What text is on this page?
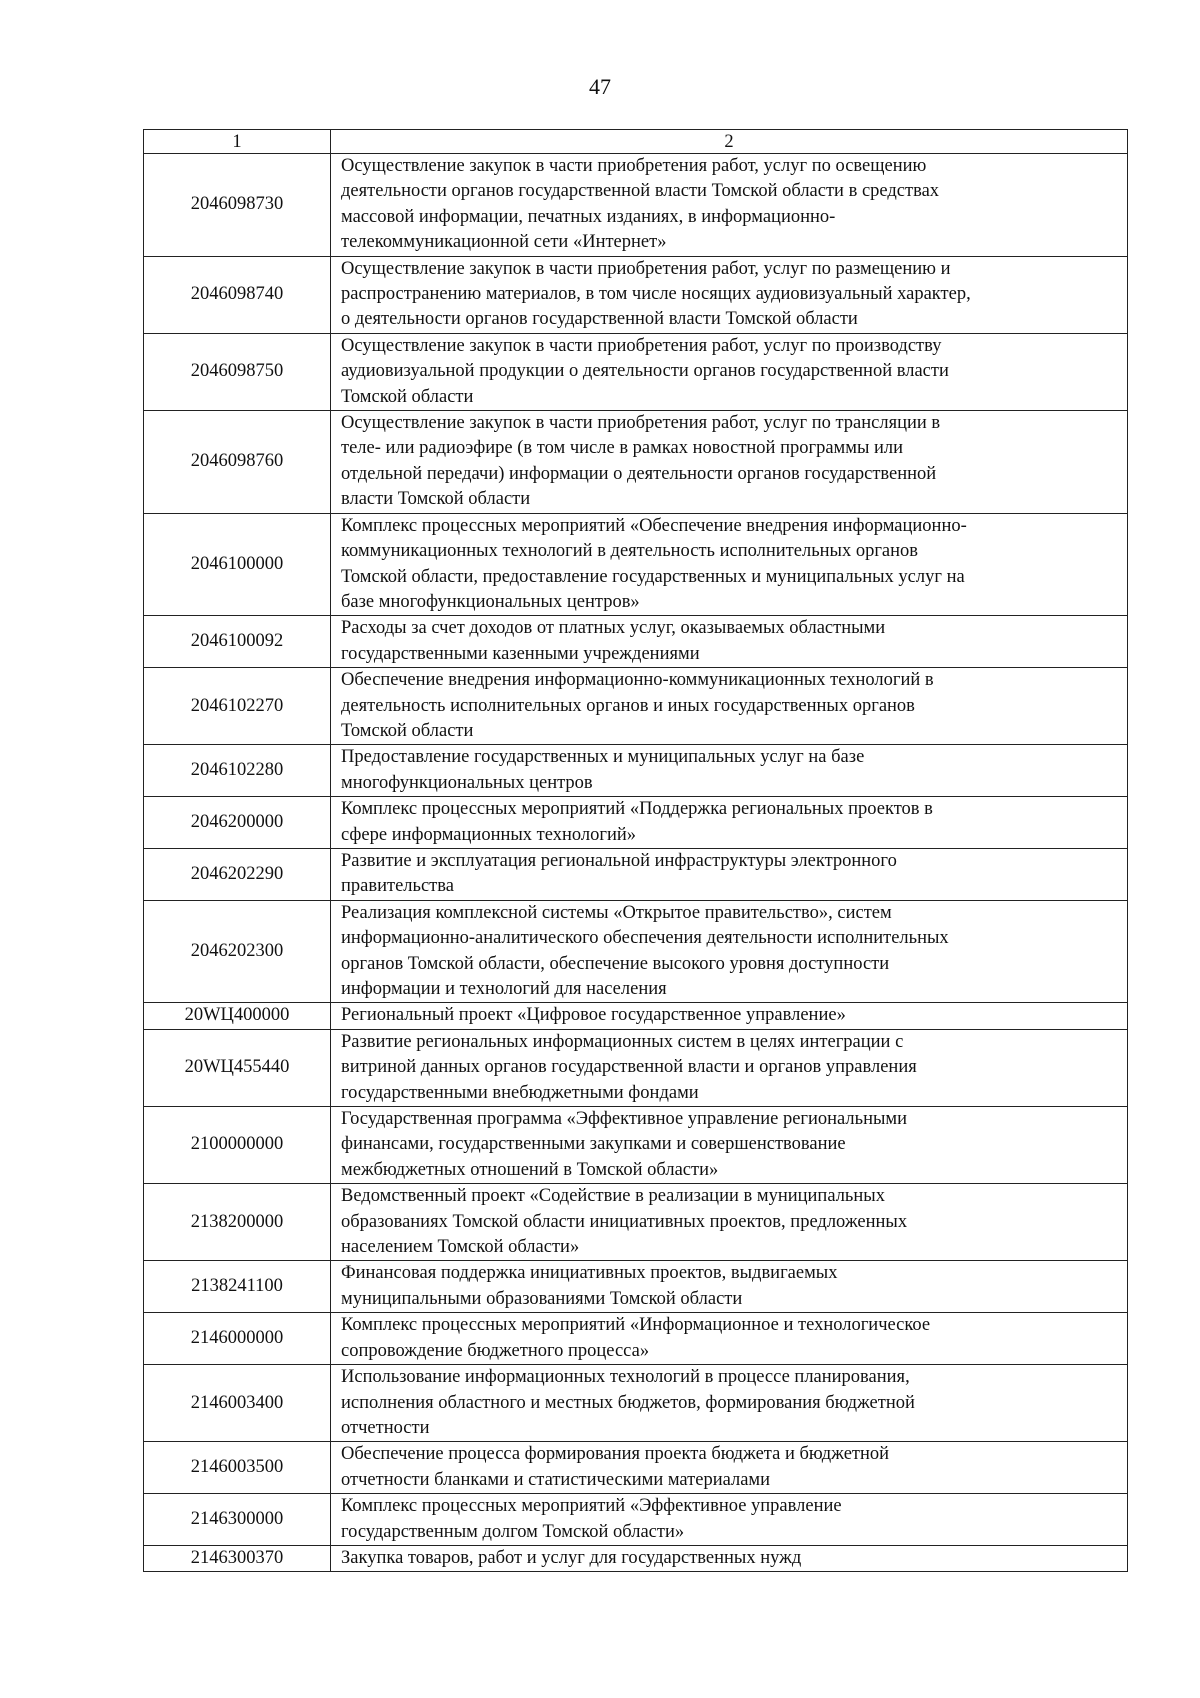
47
1	2
2046098730	Осуществление закупок в части приобретения работ, услуг по освещению
деятельности органов государственной власти Томской области в средствах
массовой информации, печатных изданиях, в информационно-
телекоммуникационной сети «Интернет»

2046098740	Осуществление закупок в части приобретения работ, услуг по размещению и
распространению материалов, в том числе носящих аудиовизуальный характер,
о деятельности органов государственной власти Томской области

2046098750	Осуществление закупок в части приобретения работ, услуг по производству
аудиовизуальной продукции о деятельности органов государственной власти
Томской области

2046098760	Осуществление закупок в части приобретения работ, услуг по трансляции в
теле- или радиоэфире (в том числе в рамках новостной программы или
отдельной передачи) информации о деятельности органов государственной
власти Томской области

2046100000	Комплекс процессных мероприятий «Обеспечение внедрения информационно-
коммуникационных технологий в деятельность исполнительных органов
Томской области, предоставление государственных и муниципальных услуг на
базе многофункциональных центров»

2046100092	Расходы за счет доходов от платных услуг, оказываемых областными
государственными казенными учреждениями

2046102270	Обеспечение внедрения информационно-коммуникационных технологий в
деятельность исполнительных органов и иных государственных органов
Томской области

2046102280	Предоставление государственных и муниципальных услуг на базе
многофункциональных центров

2046200000	Комплекс процессных мероприятий «Поддержка региональных проектов в
сфере информационных технологий»

2046202290	Развитие и эксплуатация региональной инфраструктуры электронного
правительства

2046202300	Реализация комплексной системы «Открытое правительство», систем
информационно-аналитического обеспечения деятельности исполнительных
органов Томской области, обеспечение высокого уровня доступности
информации и технологий для населения

20WЦ400000	Региональный проект «Цифровое государственное управление»

20WЦ455440	Развитие региональных информационных систем в целях интеграции с
витриной данных органов государственной власти и органов управления
государственными внебюджетными фондами

2100000000	Государственная программа «Эффективное управление региональными
финансами, государственными закупками и совершенствование
межбюджетных отношений в Томской области»

2138200000	Ведомственный проект «Содействие в реализации в муниципальных
образованиях Томской области инициативных проектов, предложенных
населением Томской области»

2138241100	Финансовая поддержка инициативных проектов, выдвигаемых
муниципальными образованиями Томской области

2146000000	Комплекс процессных мероприятий «Информационное и технологическое
сопровождение бюджетного процесса»

2146003400	Использование информационных технологий в процессе планирования,
исполнения областного и местных бюджетов, формирования бюджетной
отчетности

2146003500	Обеспечение процесса формирования проекта бюджета и бюджетной
отчетности бланками и статистическими материалами

2146300000	Комплекс процессных мероприятий «Эффективное управление
государственным долгом Томской области»

2146300370	Закупка товаров, работ и услуг для государственных нужд
